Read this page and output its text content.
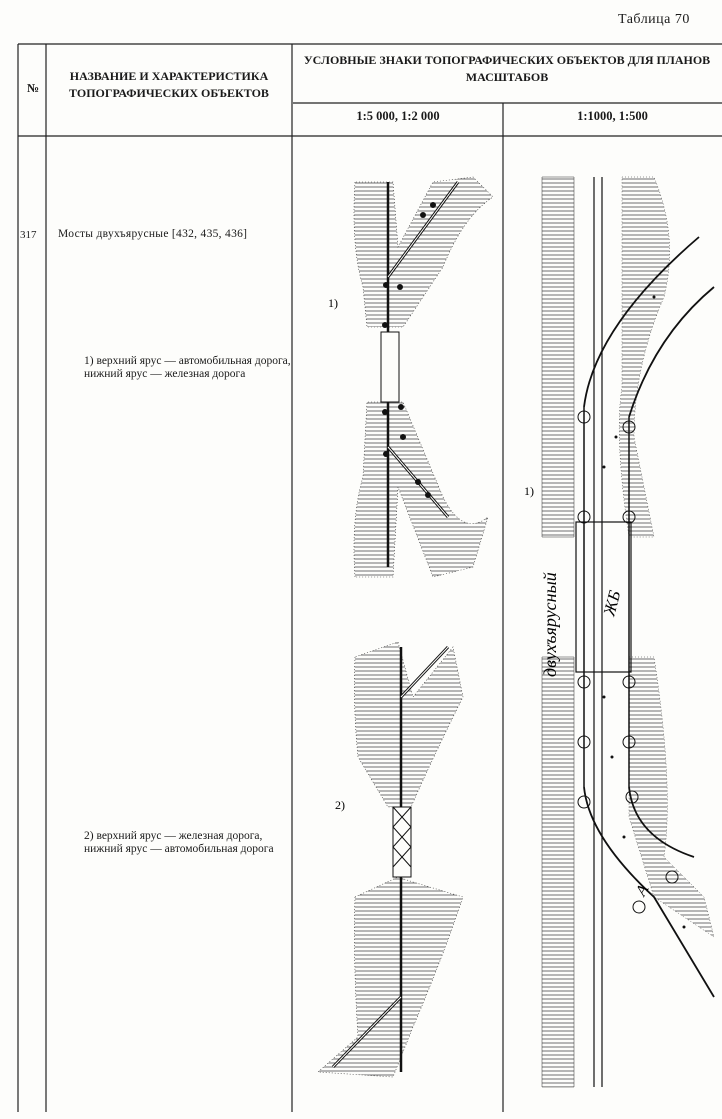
Таблица 70
№
НАЗВАНИЕ И ХАРАКТЕРИСТИКА ТОПОГРАФИЧЕСКИХ ОБЪЕКТОВ
УСЛОВНЫЕ ЗНАКИ ТОПОГРАФИЧЕСКИХ ОБЪЕКТОВ ДЛЯ ПЛАНОВ МАСШТАБОВ
1:5 000, 1:2 000	1:1000, 1:500
317 Мосты двухъярусные [432, 435, 436]
1) верхний ярус — автомобильная дорога, нижний ярус — железная дорога
2) верхний ярус — железная дорога, нижний ярус — автомобильная дорога
1)
2)
1)
двухъярусный ЖБ
А
